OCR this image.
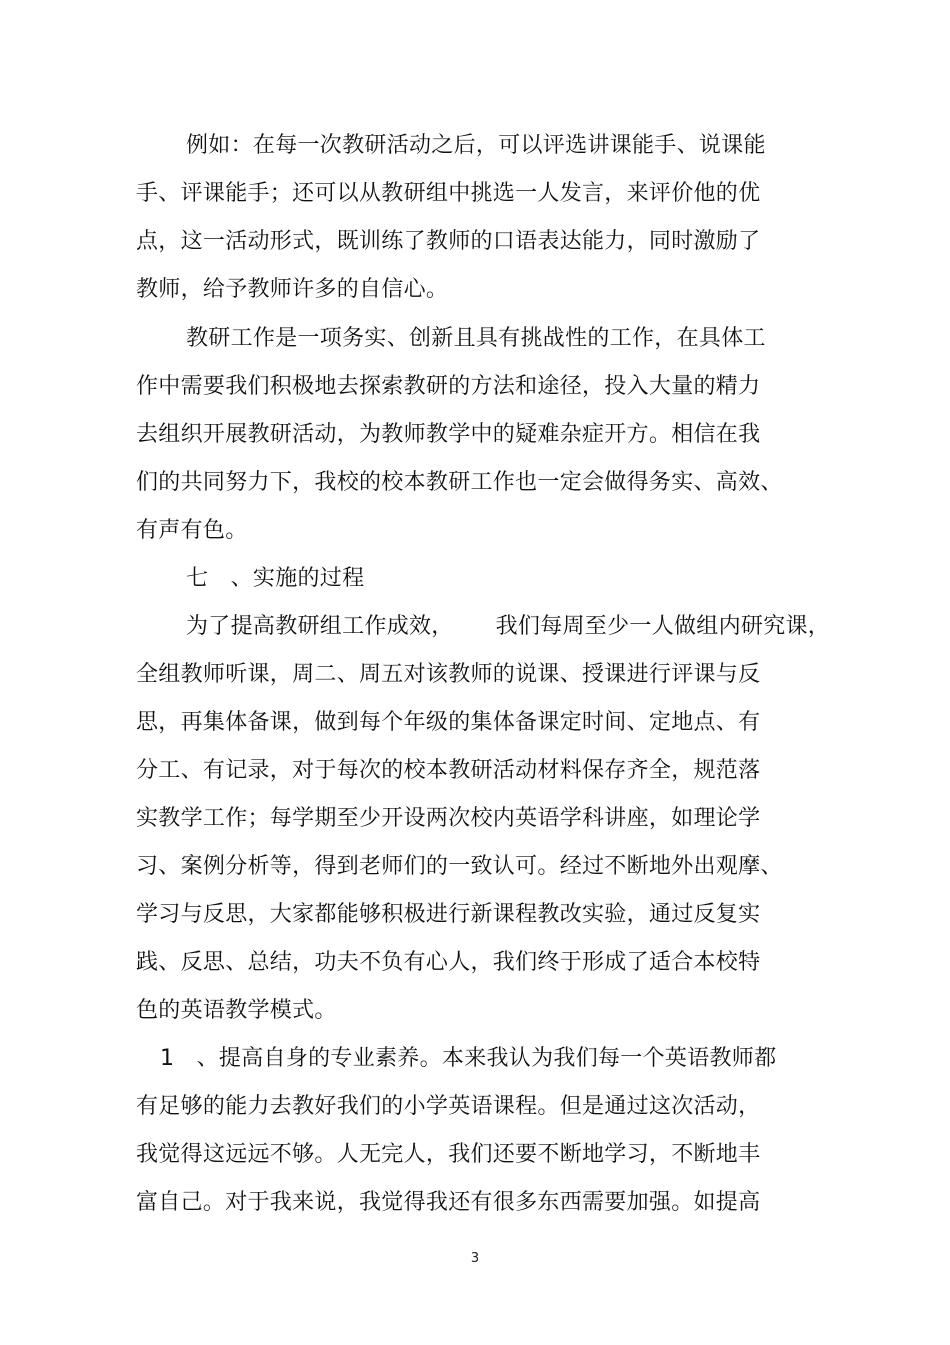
例如：在每一次教研活动之后，可以评选讲课能手、说课能
手、评课能手；还可以从教研组中挑选一人发言，来评价他的优
点，这一活动形式，既训练了教师的口语表达能力，同时激励了
教师，给予教师许多的自信心。
教研工作是一项务实、创新且具有挑战性的工作，在具体工
作中需要我们积极地去探索教研的方法和途径，投入大量的精力
去组织开展教研活动，为教师教学中的疑难杂症开方。相信在我
们的共同努力下，我校的校本教研工作也一定会做得务实、高效、
有声有色。
七　、实施的过程
为了提高教研组工作成效， 我们每周至少一人做组内研究课，
全组教师听课，周二、周五对该教师的说课、授课进行评课与反
思，再集体备课，做到每个年级的集体备课定时间、定地点、有
分工、有记录，对于每次的校本教研活动材料保存齐全，规范落
实教学工作；每学期至少开设两次校内英语学科讲座，如理论学
习、案例分析等，得到老师们的一致认可。经过不断地外出观摩、
学习与反思，大家都能够积极进行新课程教改实验，通过反复实
践、反思、总结，功夫不负有心人，我们终于形成了适合本校特
色的英语教学模式。
1　、提高自身的专业素养。本来我认为我们每一个英语教师都
有足够的能力去教好我们的小学英语课程。但是通过这次活动，
我觉得这远远不够。人无完人，我们还要不断地学习，不断地丰
富自己。对于我来说，我觉得我还有很多东西需要加强。如提高
3
